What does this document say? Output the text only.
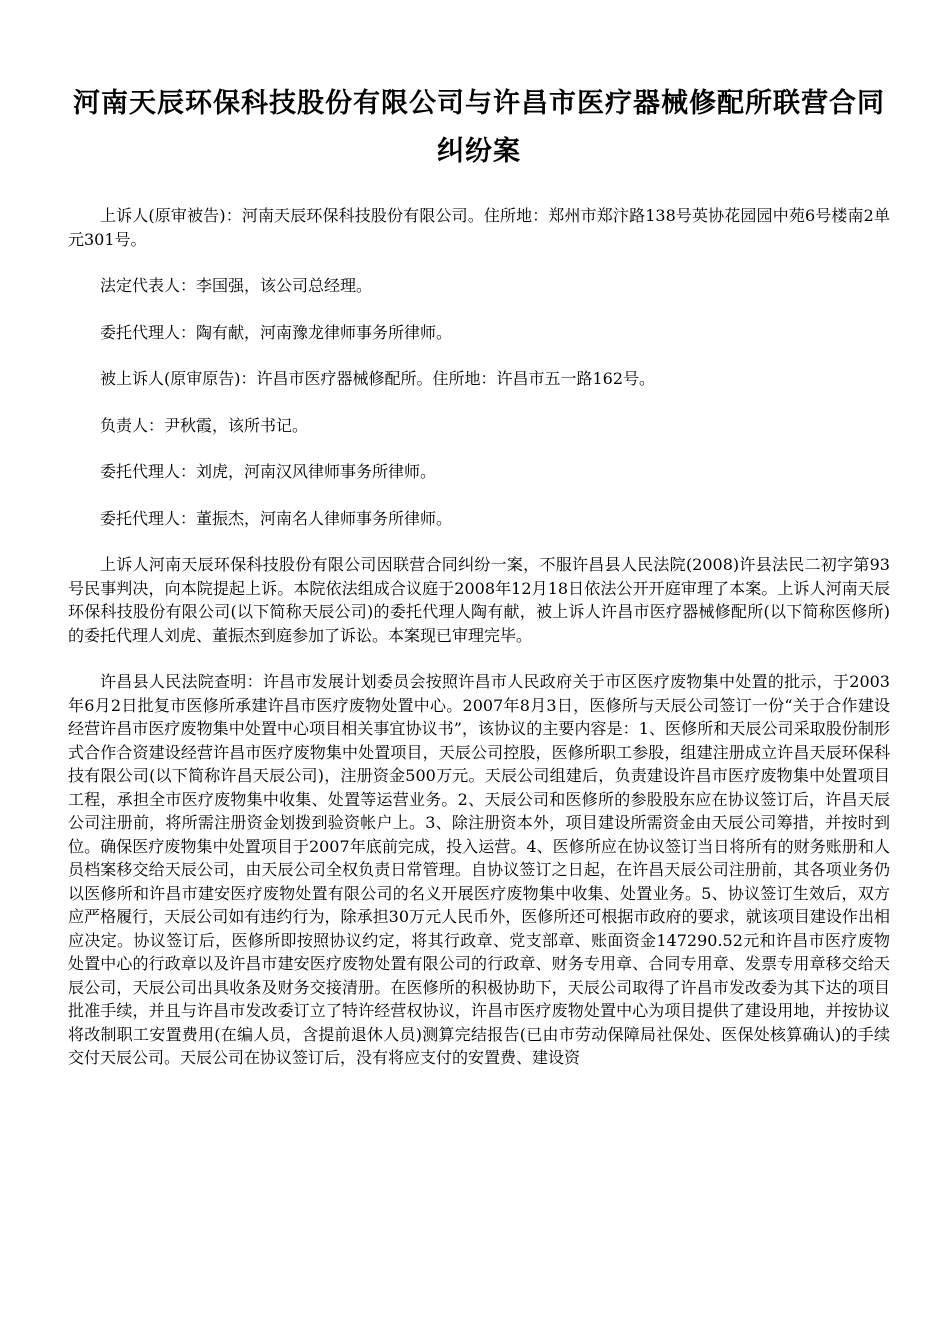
河南天辰环保科技股份有限公司与许昌市医疗器械修配所联营合同纠纷案

上诉人(原审被告)：河南天辰环保科技股份有限公司。住所地：郑州市郑汴路138号英协花园园中苑6号楼南2单元301号。

法定代表人：李国强，该公司总经理。

委托代理人：陶有献，河南豫龙律师事务所律师。

被上诉人(原审原告)：许昌市医疗器械修配所。住所地：许昌市五一路162号。

负责人：尹秋霞，该所书记。

委托代理人：刘虎，河南汉风律师事务所律师。

委托代理人：董振杰，河南名人律师事务所律师。

上诉人河南天辰环保科技股份有限公司因联营合同纠纷一案，不服许昌县人民法院(2008)许县法民二初字第93号民事判决，向本院提起上诉。本院依法组成合议庭于2008年12月18日依法公开开庭审理了本案。上诉人河南天辰环保科技股份有限公司(以下简称天辰公司)的委托代理人陶有献，被上诉人许昌市医疗器械修配所(以下简称医修所)的委托代理人刘虎、董振杰到庭参加了诉讼。本案现已审理完毕。

许昌县人民法院查明：许昌市发展计划委员会按照许昌市人民政府关于市区医疗废物集中处置的批示，于2003年6月2日批复市医修所承建许昌市医疗废物处置中心。2007年8月3日，医修所与天辰公司签订一份“关于合作建设经营许昌市医疗废物集中处置中心项目相关事宜协议书”，该协议的主要内容是：1、医修所和天辰公司采取股份制形式合作合资建设经营许昌市医疗废物集中处置项目，天辰公司控股，医修所职工参股，组建注册成立许昌天辰环保科技有限公司(以下简称许昌天辰公司)，注册资金500万元。天辰公司组建后，负责建设许昌市医疗废物集中处置项目工程，承担全市医疗废物集中收集、处置等运营业务。2、天辰公司和医修所的参股股东应在协议签订后，许昌天辰公司注册前，将所需注册资金划拨到验资帐户上。3、除注册资本外，项目建设所需资金由天辰公司筹措，并按时到位。确保医疗废物集中处置项目于2007年底前完成，投入运营。4、医修所应在协议签订当日将所有的财务账册和人员档案移交给天辰公司，由天辰公司全权负责日常管理。自协议签订之日起，在许昌天辰公司注册前，其各项业务仍以医修所和许昌市建安医疗废物处置有限公司的名义开展医疗废物集中收集、处置业务。5、协议签订生效后，双方应严格履行，天辰公司如有违约行为，除承担30万元人民币外，医修所还可根据市政府的要求，就该项目建设作出相应决定。协议签订后，医修所即按照协议约定，将其行政章、党支部章、账面资金147290.52元和许昌市医疗废物处置中心的行政章以及许昌市建安医疗废物处置有限公司的行政章、财务专用章、合同专用章、发票专用章移交给天辰公司，天辰公司出具收条及财务交接清册。在医修所的积极协助下，天辰公司取得了许昌市发改委为其下达的项目批准手续，并且与许昌市发改委订立了特许经营权协议，许昌市医疗废物处置中心为项目提供了建设用地，并按协议将改制职工安置费用(在编人员，含提前退休人员)测算完结报告(已由市劳动保障局社保处、医保处核算确认)的手续交付天辰公司。天辰公司在协议签订后，没有将应支付的安置费、建设资
